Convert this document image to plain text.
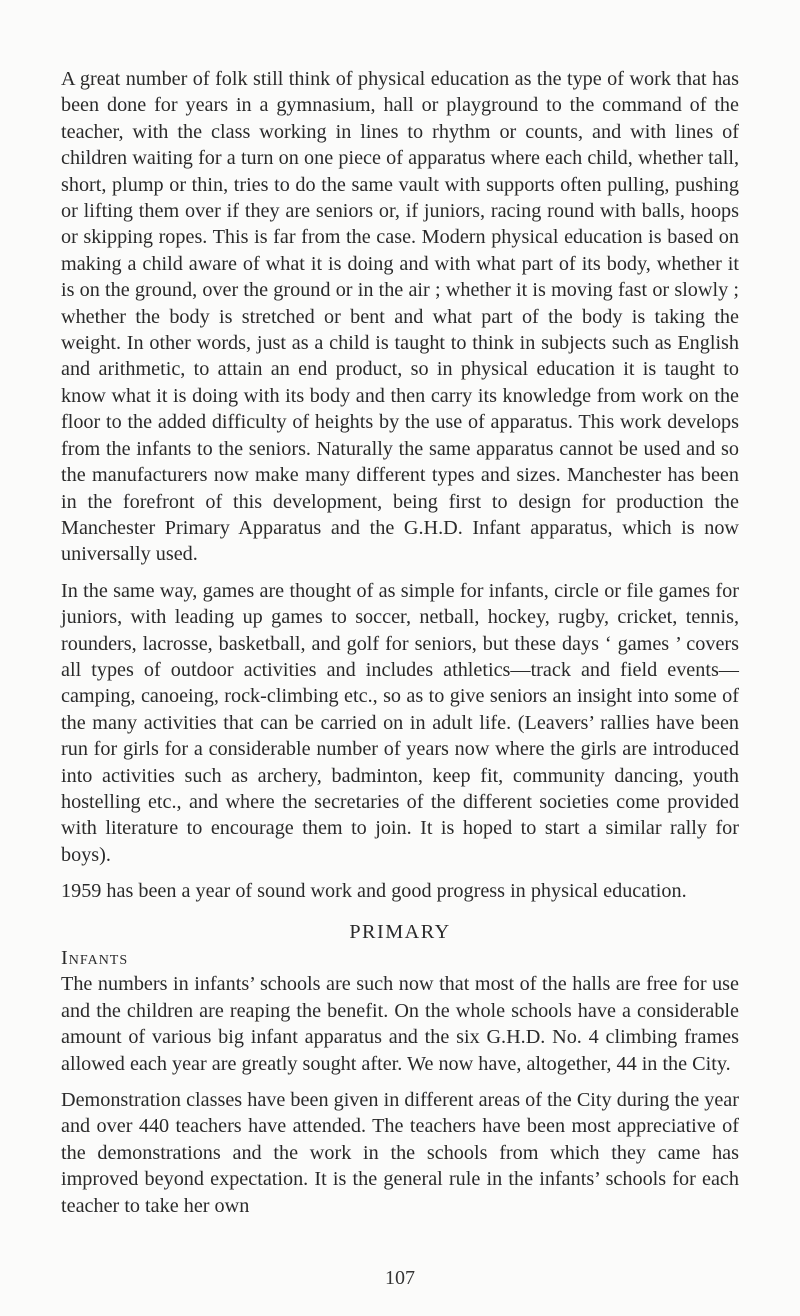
A great number of folk still think of physical education as the type of work that has been done for years in a gymnasium, hall or playground to the command of the teacher, with the class working in lines to rhythm or counts, and with lines of children waiting for a turn on one piece of apparatus where each child, whether tall, short, plump or thin, tries to do the same vault with supports often pulling, pushing or lifting them over if they are seniors or, if juniors, racing round with balls, hoops or skipping ropes. This is far from the case. Modern physical education is based on making a child aware of what it is doing and with what part of its body, whether it is on the ground, over the ground or in the air ; whether it is moving fast or slowly ; whether the body is stretched or bent and what part of the body is taking the weight. In other words, just as a child is taught to think in subjects such as English and arithmetic, to attain an end product, so in physical education it is taught to know what it is doing with its body and then carry its knowledge from work on the floor to the added difficulty of heights by the use of apparatus. This work develops from the infants to the seniors. Naturally the same apparatus cannot be used and so the manufacturers now make many different types and sizes. Manchester has been in the forefront of this development, being first to design for production the Manchester Primary Apparatus and the G.H.D. Infant apparatus, which is now universally used.

In the same way, games are thought of as simple for infants, circle or file games for juniors, with leading up games to soccer, netball, hockey, rugby, cricket, tennis, rounders, lacrosse, basketball, and golf for seniors, but these days ‘ games ’ covers all types of outdoor activities and includes athletics—track and field events—camping, canoeing, rock-climbing etc., so as to give seniors an insight into some of the many activities that can be carried on in adult life. (Leavers’ rallies have been run for girls for a considerable number of years now where the girls are introduced into activities such as archery, badminton, keep fit, community dancing, youth hostelling etc., and where the secretaries of the different societies come provided with literature to encourage them to join. It is hoped to start a similar rally for boys).

1959 has been a year of sound work and good progress in physical education.

PRIMARY
Infants

The numbers in infants’ schools are such now that most of the halls are free for use and the children are reaping the benefit. On the whole schools have a considerable amount of various big infant apparatus and the six G.H.D. No. 4 climbing frames allowed each year are greatly sought after. We now have, altogether, 44 in the City.

Demonstration classes have been given in different areas of the City during the year and over 440 teachers have attended. The teachers have been most appreciative of the demonstrations and the work in the schools from which they came has improved beyond expectation. It is the general rule in the infants’ schools for each teacher to take her own

107
